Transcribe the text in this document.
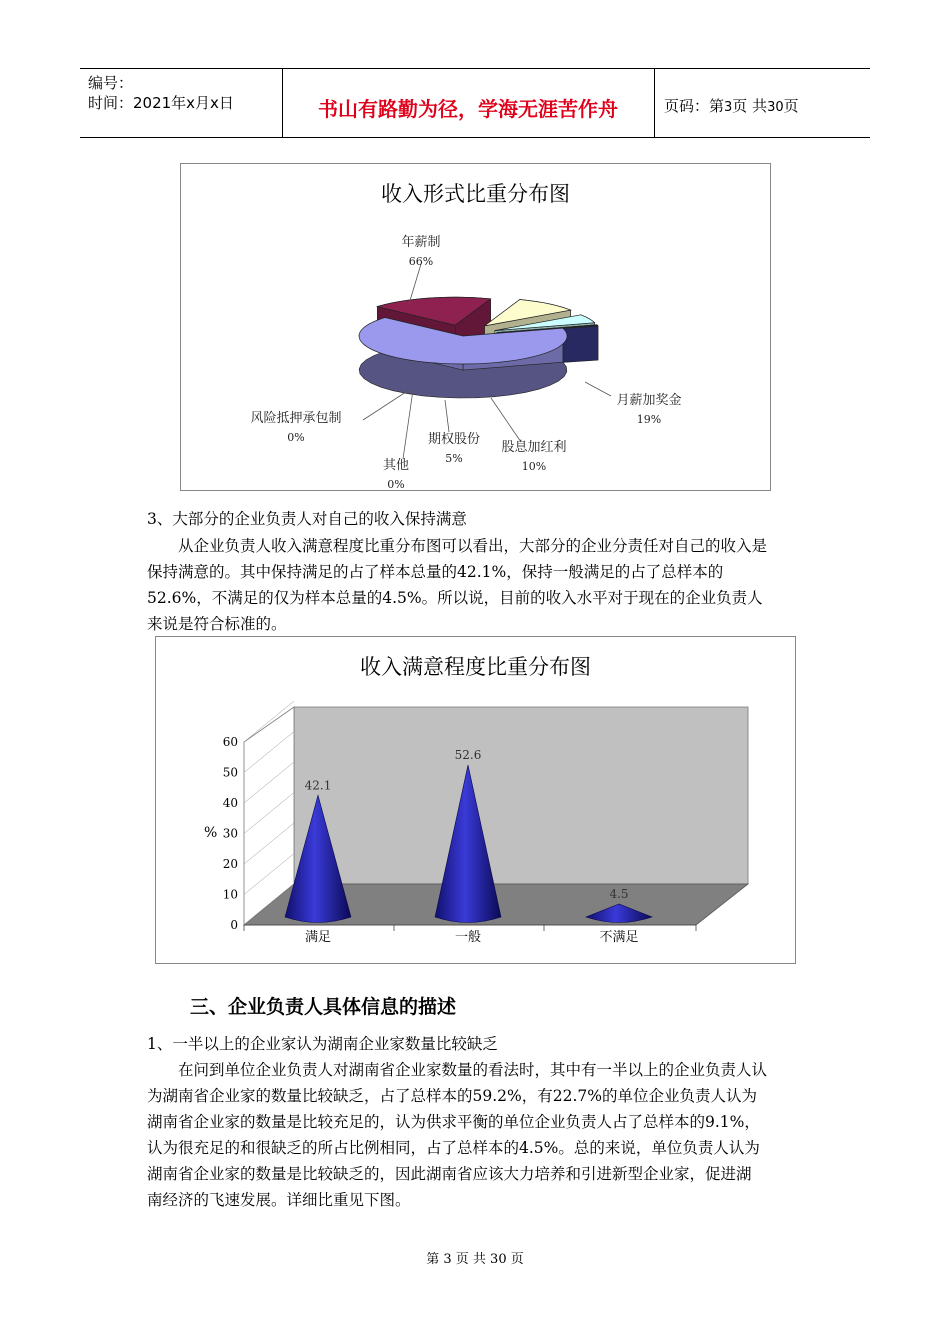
编号：
时间：2021年x月x日	书山有路勤为径，学海无涯苦作舟	页码：第3页 共30页
收入形式比重分布图
年薪制
66%
月薪加奖金
19%
股息加红利
10%
期权股份
5%
其他
0%
风险抵押承包制
0%
3、大部分的企业负责人对自己的收入保持满意
从企业负责人收入满意程度比重分布图可以看出，大部分的企业分责任对自己的收入是
保持满意的。其中保持满足的占了样本总量的42.1%，保持一般满足的占了总样本的
52.6%，不满足的仅为样本总量的4.5%。所以说，目前的收入水平对于现在的企业负责人
来说是符合标准的。
收入满意程度比重分布图
0
10
20
30
40
50
60
42.1
52.6
4.5
满足	一般	不满足
%
三、企业负责人具体信息的描述
1、一半以上的企业家认为湖南企业家数量比较缺乏
在问到单位企业负责人对湖南省企业家数量的看法时，其中有一半以上的企业负责人认
为湖南省企业家的数量比较缺乏，占了总样本的59.2%，有22.7%的单位企业负责人认为
湖南省企业家的数量是比较充足的，认为供求平衡的单位企业负责人占了总样本的9.1%，
认为很充足的和很缺乏的所占比例相同，占了总样本的4.5%。总的来说，单位负责人认为
湖南省企业家的数量是比较缺乏的，因此湖南省应该大力培养和引进新型企业家，促进湖
南经济的飞速发展。详细比重见下图。
第 3 页 共 30 页
